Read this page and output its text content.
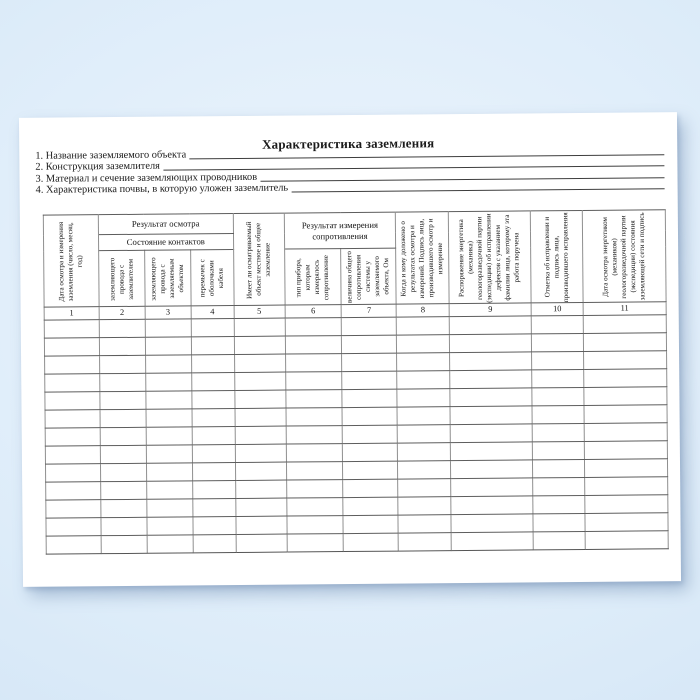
Характеристика заземления
1. Название заземляемого объекта
2. Конструкция заземлителя
3. Материал и сечение заземляющих проводников
4. Характеристика почвы, в которую уложен заземлитель
Дата осмотра и измерения заземления (число, месяц, год)	Результат осмотра			Имеет ли осматриваемый объект местное и общее заземление	Результат измерения сопротивления		Когда и кому доложено о результатах осмотра и измерений. Подпись лица, производившего осмотр и измерение	Распоряжение энергетика (механика) геологоразведочной партии (экспедиции) об исправлении дефектов с указанием фамилии лица, которому эта работа поручена	Отметка об исправлении и подпись лица, производившего исправления	Дата осмотра энергетиком (механиком) геологоразведочной партии (экспедиции) состояния заземляющей сети и подпись

	Состояние контактов									

	заземляющего провода с заземлителем	заземляющего провода с заземляемым объектом	перемычек с оболочками кабеля		тип прибора, которым измерялось сопротивление	величина общего сопротивления системы у заземляемого объекта, Ом				

1	2	3	4	5	6	7	8	9	10	11
